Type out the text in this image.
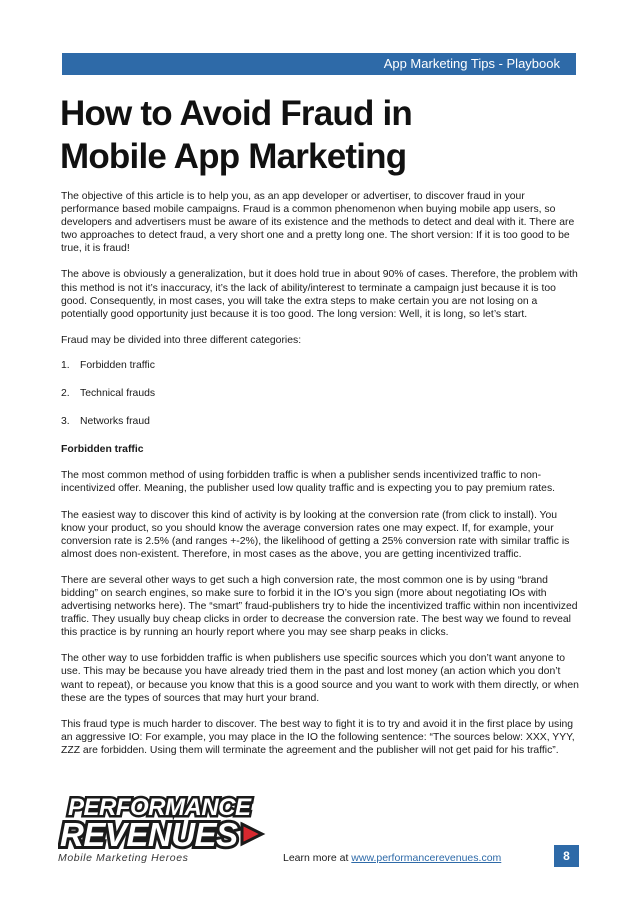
App Marketing Tips - Playbook
How to Avoid Fraud in
Mobile App Marketing

The objective of this article is to help you, as an app developer or advertiser, to discover fraud in your performance based mobile campaigns. Fraud is a common phenomenon when buying mobile app users, so developers and advertisers must be aware of its existence and the methods to detect and deal with it. There are two approaches to detect fraud, a very short one and a pretty long one. The short version: If it is too good to be true, it is fraud!

The above is obviously a generalization, but it does hold true in about 90% of cases. Therefore, the problem with this method is not it’s inaccuracy, it’s the lack of ability/interest to terminate a campaign just because it is too good. Consequently, in most cases, you will take the extra steps to make certain you are not losing on a potentially good opportunity just because it is too good. The long version: Well, it is long, so let’s start.

Fraud may be divided into three different categories:

1. Forbidden traffic
2. Technical frauds
3. Networks fraud

Forbidden traffic

The most common method of using forbidden traffic is when a publisher sends incentivized traffic to non-incentivized offer. Meaning, the publisher used low quality traffic and is expecting you to pay premium rates.

The easiest way to discover this kind of activity is by looking at the conversion rate (from click to install). You know your product, so you should know the average conversion rates one may expect. If, for example, your conversion rate is 2.5% (and ranges +-2%), the likelihood of getting a 25% conversion rate with similar traffic is almost does non-existent. Therefore, in most cases as the above, you are getting incentivized traffic.

There are several other ways to get such a high conversion rate, the most common one is by using “brand bidding” on search engines, so make sure to forbid it in the IO’s you sign (more about negotiating IOs with advertising networks here). The “smart” fraud-publishers try to hide the incentivized traffic within non incentivized traffic. They usually buy cheap clicks in order to decrease the conversion rate. The best way we found to reveal this practice is by running an hourly report where you may see sharp peaks in clicks.

The other way to use forbidden traffic is when publishers use specific sources which you don’t want anyone to use. This may be because you have already tried them in the past and lost money (an action which you don’t want to repeat), or because you know that this is a good source and you want to work with them directly, or when these are the types of sources that may hurt your brand.

This fraud type is much harder to discover. The best way to fight it is to try and avoid it in the first place by using an aggressive IO: For example, you may place in the IO the following sentence: “The sources below: XXX, YYY, ZZZ are forbidden. Using them will terminate the agreement and the publisher will not get paid for his traffic”.

PERFORMANCE
REVENUES
Mobile Marketing Heroes	Learn more at www.performancerevenues.com	8
